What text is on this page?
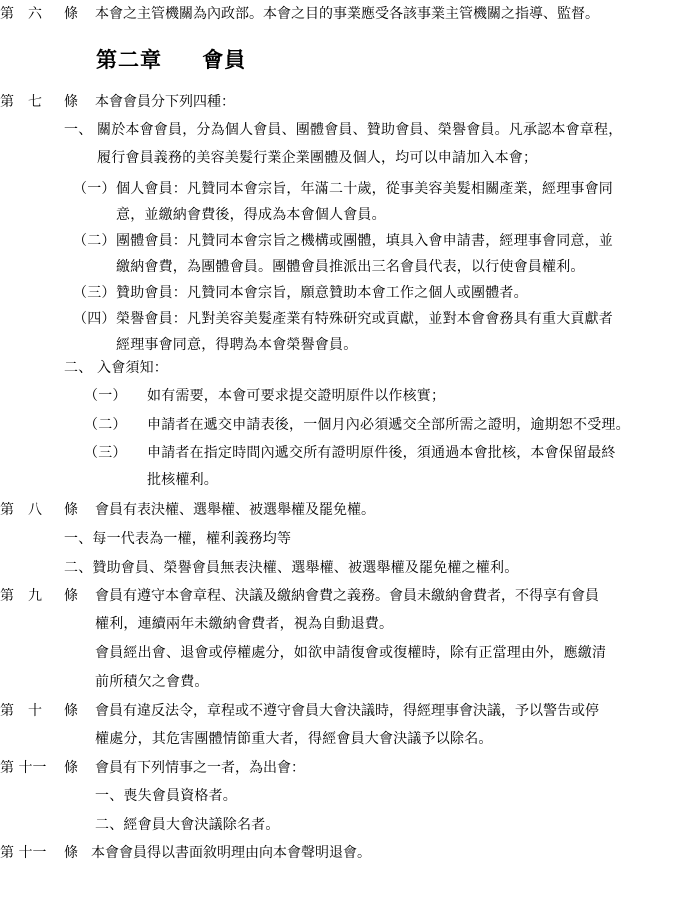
第　六 條 本會之主管機關為內政部。本會之目的事業應受各該事業主管機關之指導、監督。
第二章　 會員
第　七 條 本會會員分下列四種：
一、 關於本會會員，分為個人會員、團體會員、贊助會員、榮譽會員。凡承認本會章程，
履行會員義務的美容美髮行業企業團體及個人，均可以申請加入本會；
（一） 個人會員：凡贊同本會宗旨，年滿二十歲，從事美容美髮相關產業，經理事會同
意，並繳納會費後，得成為本會個人會員。
（二） 團體會員：凡贊同本會宗旨之機構或團體，填具入會申請書，經理事會同意，並
繳納會費，為團體會員。團體會員推派出三名會員代表，以行使會員權利。
（三） 贊助會員：凡贊同本會宗旨，願意贊助本會工作之個人或團體者。
（四） 榮譽會員：凡對美容美髮產業有特殊研究或貢獻，並對本會會務具有重大貢獻者
經理事會同意，得聘為本會榮譽會員。
二、 入會須知：
（一） 如有需要，本會可要求提交證明原件以作核實；
（二） 申請者在遞交申請表後，一個月內必須遞交全部所需之證明，逾期恕不受理。
（三） 申請者在指定時間內遞交所有證明原件後，須通過本會批核，本會保留最終
批核權利。
第　八 條 會員有表決權、選舉權、被選舉權及罷免權。
一、每一代表為一權，權利義務均等
二、贊助會員、榮譽會員無表決權、選舉權、被選舉權及罷免權之權利。
第　九 條 會員有遵守本會章程、決議及繳納會費之義務。會員未繳納會費者，不得享有會員
權利，連續兩年未繳納會費者，視為自動退費。
會員經出會、退會或停權處分，如欲申請復會或復權時，除有正當理由外，應繳清
前所積欠之會費。
第　十 條 會員有違反法令，章程或不遵守會員大會決議時，得經理事會決議，予以警告或停
權處分，其危害團體情節重大者，得經會員大會決議予以除名。
第 十一 條 會員有下列情事之一者，為出會：
一、喪失會員資格者。
二、經會員大會決議除名者。
第 十一 條 本會會員得以書面敘明理由向本會聲明退會。
